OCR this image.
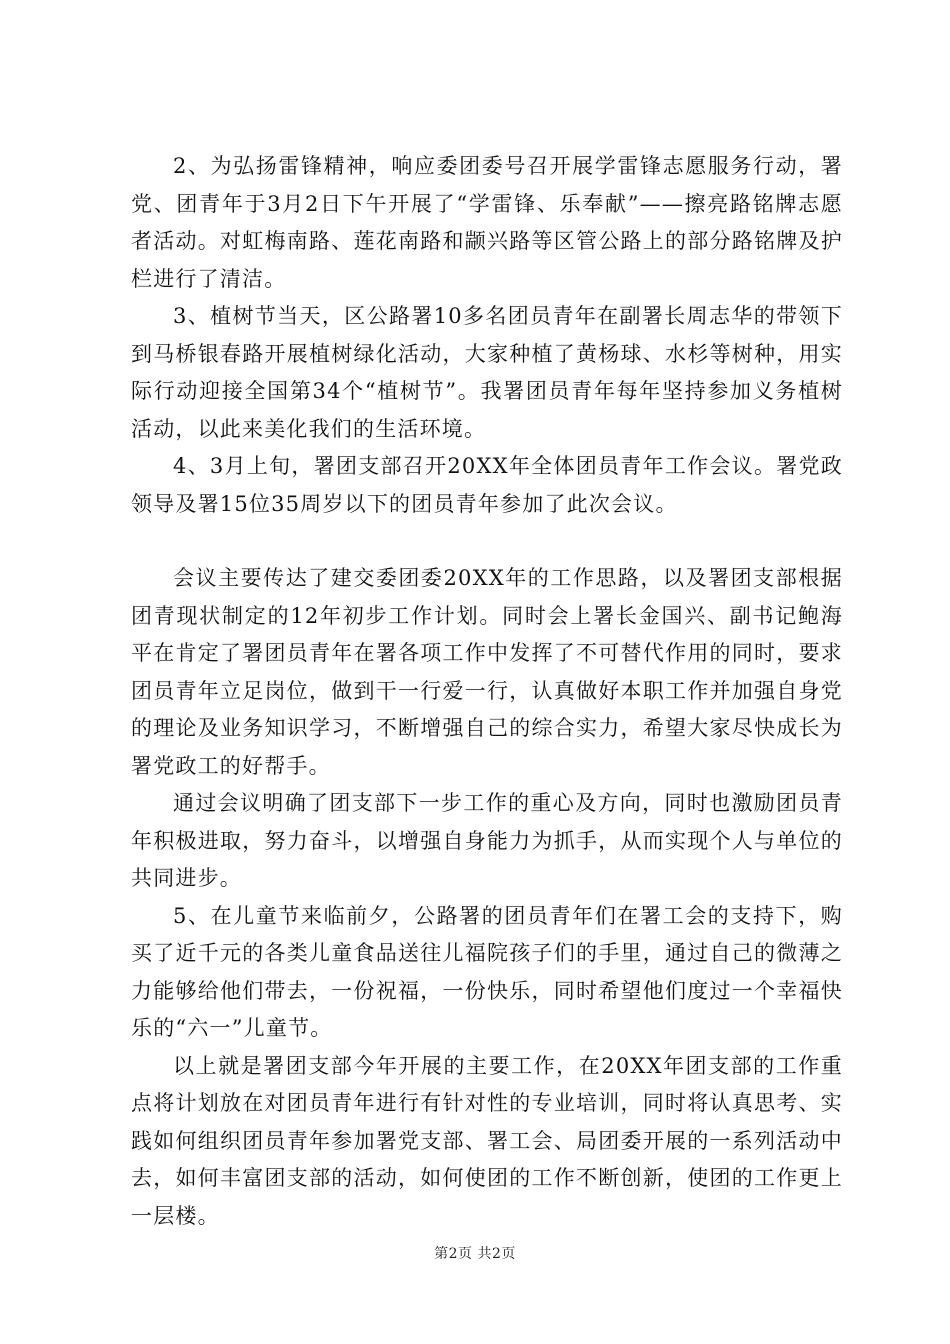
2、为弘扬雷锋精神，响应委团委号召开展学雷锋志愿服务行动，署党、团青年于3月2日下午开展了“学雷锋、乐奉献”——擦亮路铭牌志愿者活动。对虹梅南路、莲花南路和颛兴路等区管公路上的部分路铭牌及护栏进行了清洁。

3、植树节当天，区公路署10多名团员青年在副署长周志华的带领下到马桥银春路开展植树绿化活动，大家种植了黄杨球、水杉等树种，用实际行动迎接全国第34个“植树节”。我署团员青年每年坚持参加义务植树活动，以此来美化我们的生活环境。

4、3月上旬，署团支部召开20XX年全体团员青年工作会议。署党政领导及署15位35周岁以下的团员青年参加了此次会议。

会议主要传达了建交委团委20XX年的工作思路，以及署团支部根据团青现状制定的12年初步工作计划。同时会上署长金国兴、副书记鲍海平在肯定了署团员青年在署各项工作中发挥了不可替代作用的同时，要求团员青年立足岗位，做到干一行爱一行，认真做好本职工作并加强自身党的理论及业务知识学习，不断增强自己的综合实力，希望大家尽快成长为署党政工的好帮手。

通过会议明确了团支部下一步工作的重心及方向，同时也激励团员青年积极进取，努力奋斗，以增强自身能力为抓手，从而实现个人与单位的共同进步。

5、在儿童节来临前夕，公路署的团员青年们在署工会的支持下，购买了近千元的各类儿童食品送往儿福院孩子们的手里，通过自己的微薄之力能够给他们带去，一份祝福，一份快乐，同时希望他们度过一个幸福快乐的“六一”儿童节。

以上就是署团支部今年开展的主要工作，在20XX年团支部的工作重点将计划放在对团员青年进行有针对性的专业培训，同时将认真思考、实践如何组织团员青年参加署党支部、署工会、局团委开展的一系列活动中去，如何丰富团支部的活动，如何使团的工作不断创新，使团的工作更上一层楼。

第2页 共2页
